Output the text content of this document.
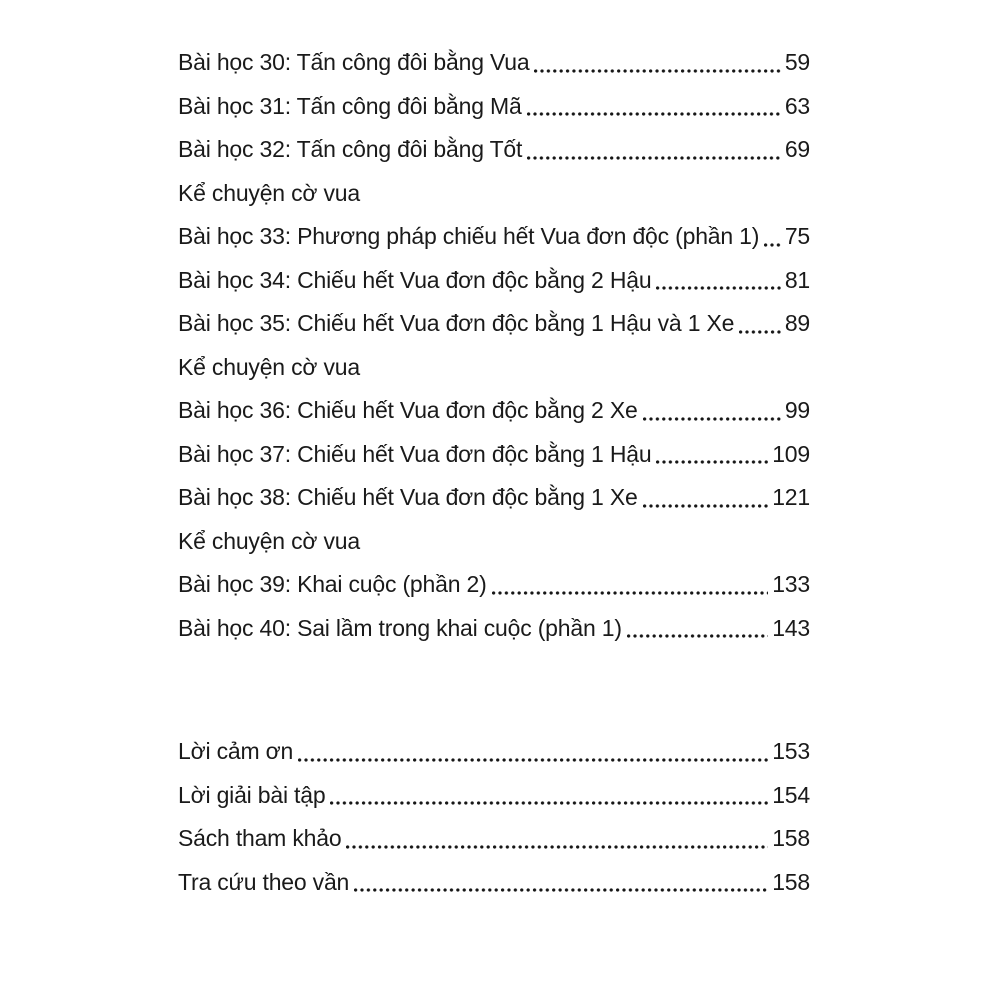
Bài học 30: Tấn công đôi bằng Vua	59
Bài học 31: Tấn công đôi bằng Mã	63
Bài học 32: Tấn công đôi bằng Tốt	69
Kể chuyện cờ vua
Bài học 33: Phương pháp chiếu hết Vua đơn độc (phần 1) 75
Bài học 34: Chiếu hết Vua đơn độc bằng 2 Hậu	81
Bài học 35: Chiếu hết Vua đơn độc bằng 1 Hậu và 1 Xe 89
Kể chuyện cờ vua
Bài học 36: Chiếu hết Vua đơn độc bằng 2 Xe	99
Bài học 37: Chiếu hết Vua đơn độc bằng 1 Hậu	109
Bài học 38: Chiếu hết Vua đơn độc bằng 1 Xe	121
Kể chuyện cờ vua
Bài học 39: Khai cuộc (phần 2)	133
Bài học 40: Sai lầm trong khai cuộc (phần 1)	143
Lời cảm ơn	153
Lời giải bài tập	154
Sách tham khảo	158
Tra cứu theo vần	158
